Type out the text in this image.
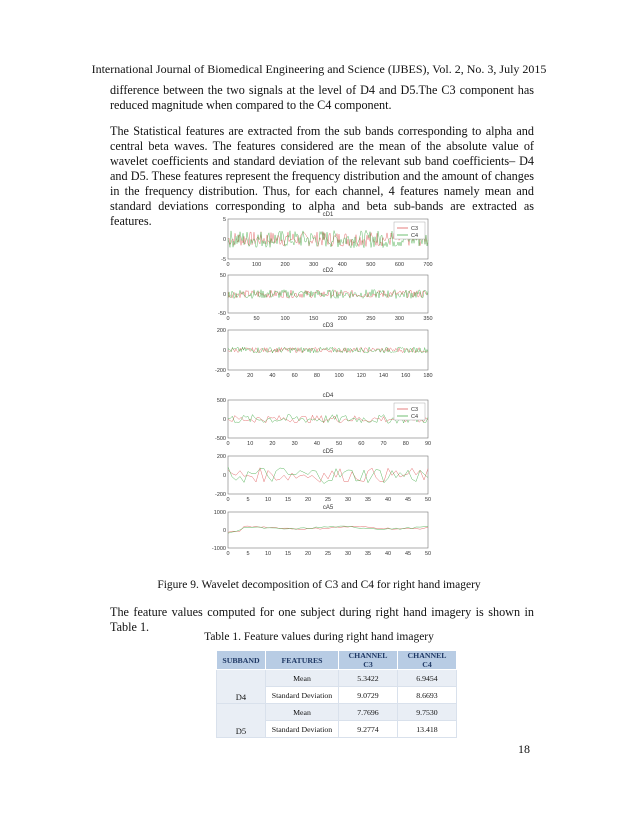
International Journal of Biomedical Engineering and Science (IJBES), Vol. 2, No. 3, July 2015

difference between the two signals at the level of D4 and D5.The C3 component has reduced magnitude when compared to the C4 component.

The Statistical features are extracted from the sub bands corresponding to alpha and central beta waves. The features considered are the mean of the absolute value of wavelet coefficients and standard deviation of the relevant sub band coefficients– D4 and D5. These features represent the frequency distribution and the amount of changes in the frequency distribution. Thus, for each channel, 4 features namely mean and standard deviations corresponding to alpha and beta sub-bands are extracted as features.	cD1
5
0
-5
0	100	200	300	400	500	600	700
C3
C4
cD2
50
0
-50
0	50	100	150	200	250	300	350
cD3
200
0
-200
0	20	40	60	80	100 120 140 160 180
cD4
500
0
-500
0	10	20	30	40	50	60	70	80	90
C3
C4
cD5
200
0
-200
0	5	10	15	20	25	30	35	40	45	50
cA5
1000
0
-1000
0	5	10	15	20	25	30	35	40	45	50
Figure 9. Wavelet decomposition of C3 and C4 for right hand imagery

The feature values computed for one subject during right hand imagery is shown in Table 1.

Table 1. Feature values during right hand imagery
SUBBAND	FEATURES	CHANNEL C3	CHANNEL C4
D4	Mean	5.3422	6.9454
	Standard Deviation	9.0729	8.6693
D5	Mean	7.7696	9.7530
	Standard Deviation	9.2774	13.418
18
